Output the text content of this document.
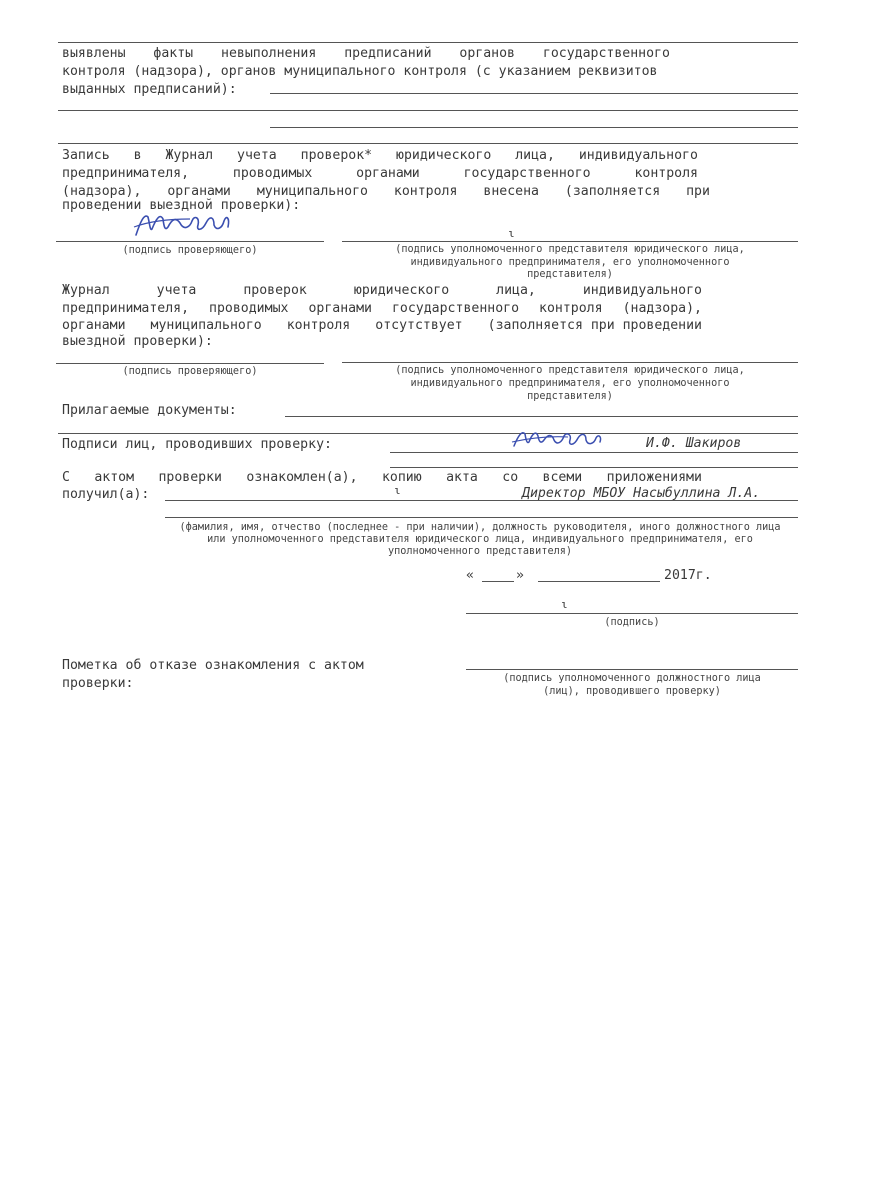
выявлены факты невыполнения предписаний органов государственного
контроля (надзора), органов муниципального контроля (с указанием реквизитов
выданных предписаний):
Запись в Журнал учета проверок* юридического лица, индивидуального
предпринимателя,	проводимых	органами	государственного	контроля
(надзора), органами муниципального контроля внесена (заполняется при
проведении выездной проверки):
(подпись проверяющего)
ɩ
(подпись уполномоченного представителя юридического лица,
индивидуального предпринимателя, его уполномоченного
представителя)
Журнал	учета	проверок	юридического	лица,	индивидуального
предпринимателя, проводимых органами государственного контроля (надзора),
органами муниципального контроля отсутствует (заполняется при проведении
выездной проверки):
(подпись проверяющего)	(подпись уполномоченного представителя юридического лица,
индивидуального предпринимателя, его уполномоченного
представителя)
Прилагаемые документы:
Подписи лиц, проводивших проверку:	И.Ф. Шакиров
С актом проверки ознакомлен(а), копию акта со всеми приложениями
получил(а):	ɩ	Директор МБОУ Насыбуллина Л.А.
(фамилия, имя, отчество (последнее - при наличии), должность руководителя, иного должностного лица
или уполномоченного представителя юридического лица, индивидуального предпринимателя, его
уполномоченного представителя)
«	»	2017г.
ɩ
(подпись)
Пометка об отказе ознакомления с актом
проверки:	(подпись уполномоченного должностного лица
(лиц), проводившего проверку)
